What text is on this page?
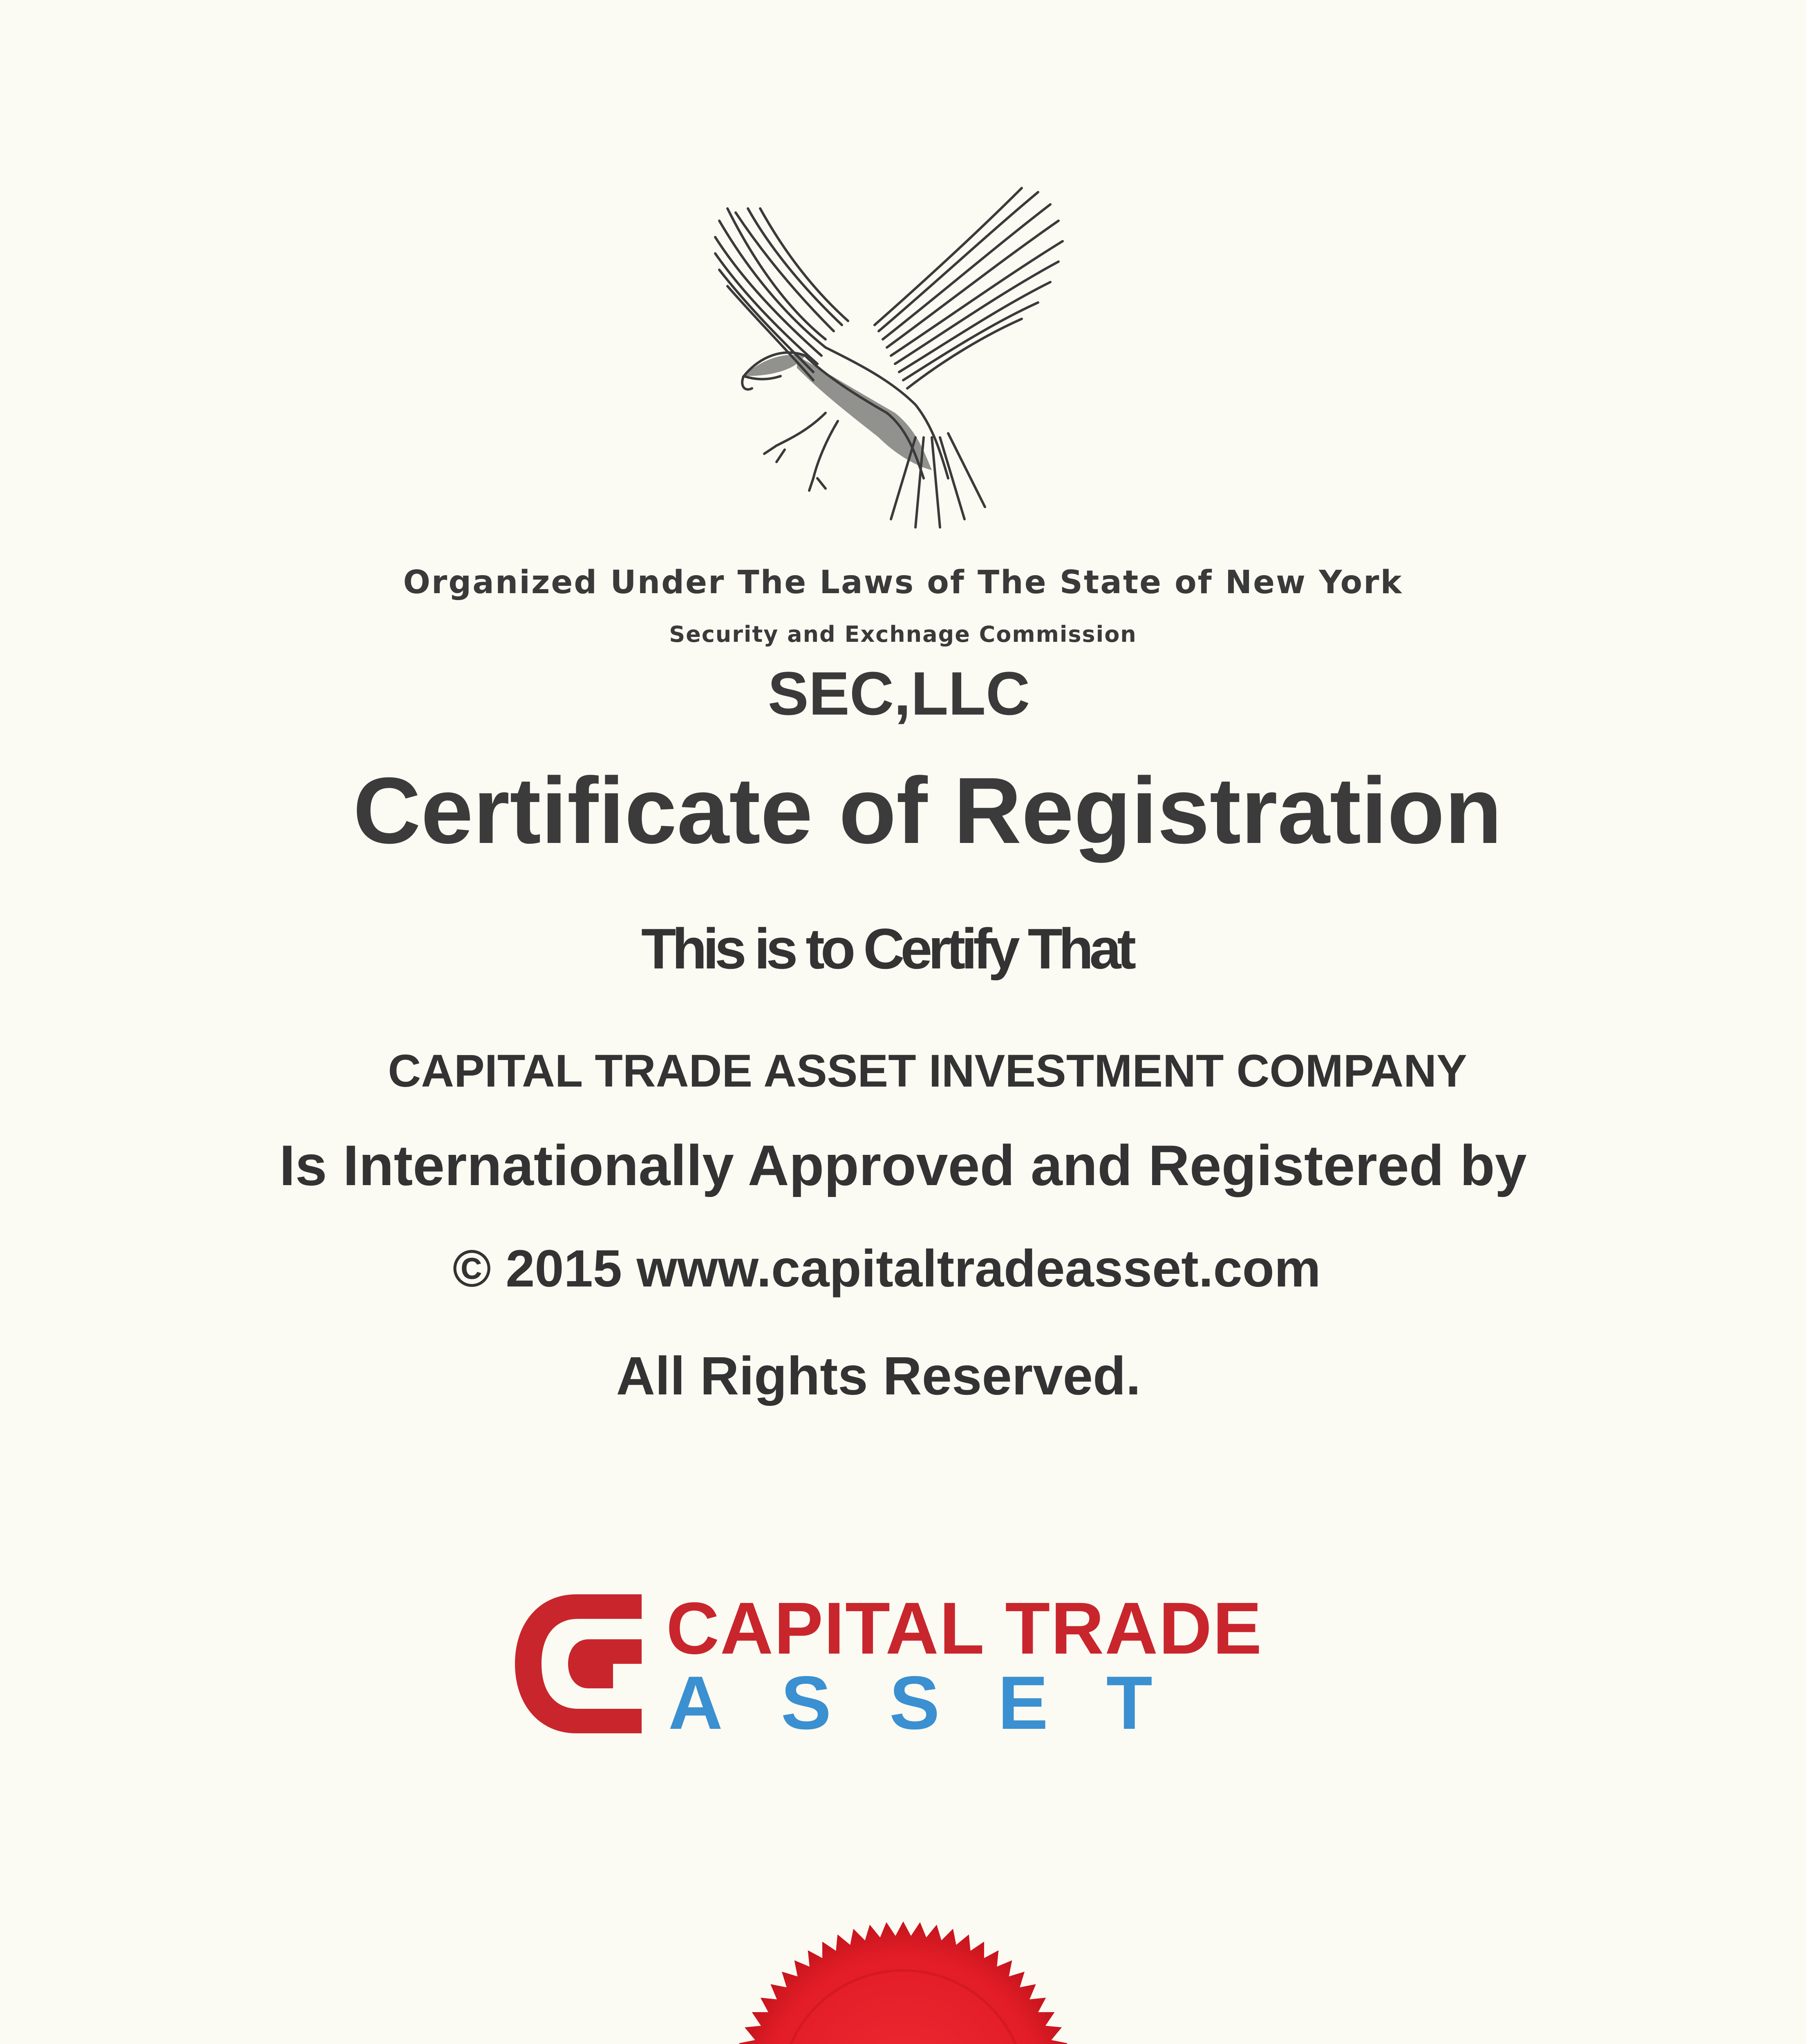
Organized Under The Laws of The State of New York
Security and Exchnage Commission
SEC,LLC
Certificate of Registration
This is to Certify That
CAPITAL TRADE ASSET INVESTMENT COMPANY
Is Internationally Approved and Registered by
© 2015 www.capitaltradeasset.com
All Rights Reserved.
CAPITAL TRADE
ASSET
